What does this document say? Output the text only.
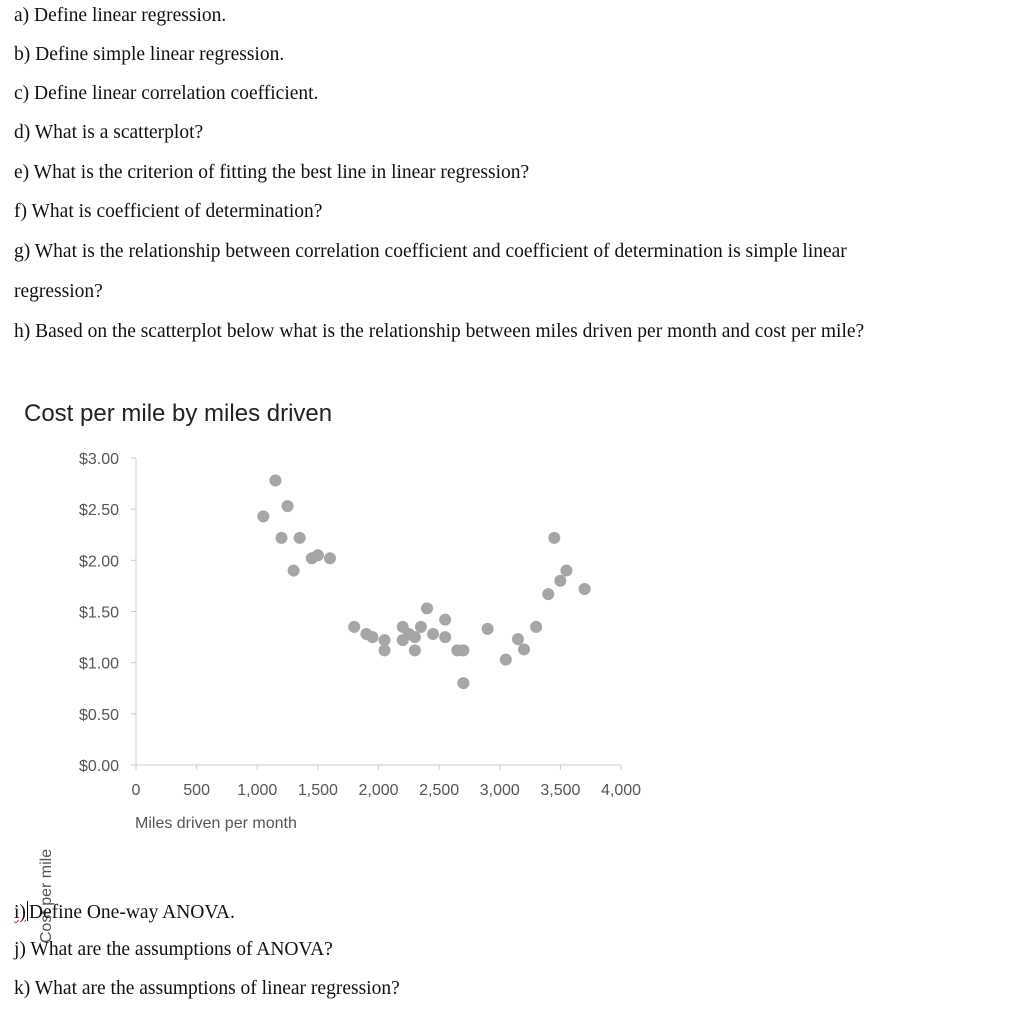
a) Define linear regression.
b) Define simple linear regression.
c) Define linear correlation coefficient.
d) What is a scatterplot?
e) What is the criterion of fitting the best line in linear regression?
f) What is coefficient of determination?
g) What is the relationship between correlation coefficient and coefficient of determination is simple linear
regression?
h) Based on the scatterplot below what is the relationship between miles driven per month and cost per mile?
Cost per mile by miles driven
Cost per mile
Miles driven per month
$0.00
$0.50
$1.00
$1.50
$2.00
$2.50
$3.00
0	500 1,000 1,500 2,000 2,500 3,000 3,500 4,000
i) Define One-way ANOVA.
j) What are the assumptions of ANOVA?
k) What are the assumptions of linear regression?
